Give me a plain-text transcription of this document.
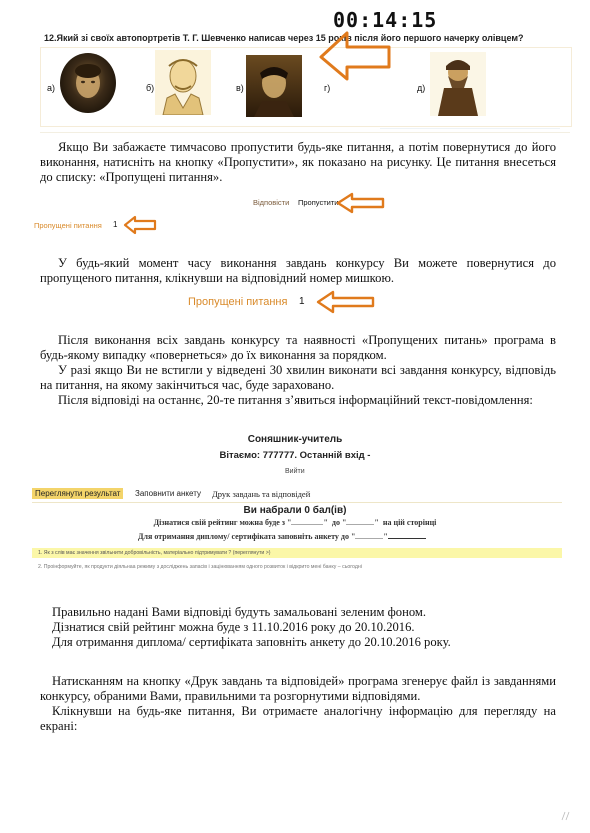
00:14:15
12.Який зі своїх автопортретів Т. Г. Шевченко написав через 15 років після його першого начерку олівцем?
а)	б)	в)	г)	д)
Якщо Ви забажаєте тимчасово пропустити будь-яке питання, а потім повернутися до його виконання, натисніть на кнопку «Пропустити», як показано на рисунку. Це питання внесеться до списку: «Пропущені питання».
Відповісти Пропустити
Пропущені питання 1
У будь-який момент часу виконання завдань конкурсу Ви можете повернутися до пропущеного питання, клікнувши на відповідний номер мишкою.
Пропущені питання 1
Після виконання всіх завдань конкурсу та наявності «Пропущених питань» програма в будь-якому випадку «повернеться» до їх виконання за порядком.
У разі якщо Ви не встигли у відведені 30 хвилин виконати всі завдання конкурсу, відповідь на питання, на якому закінчиться час, буде зараховано.
Після відповіді на останнє, 20-те питання з’явиться інформаційний текст-повідомлення:
Соняшник-учитель
Вітаємо: 777777. Останній вхід -
Вийти
Переглянути результат	Заповнити анкету Друк завдань та відповідей
Ви набрали 0 бал(ів)
Дізнатися свій рейтинг можна буде з "	" до "	" на цій сторінці
Для отримання диплому/ сертифіката заповніть анкету до "	"
1. Як з слів має значення звільнити добровільність, матеріально підтримувати ? (переглянути >)
2. Проінформуйте, як продукти діяльнаа режиму з досліджень запасів і зацінюванням одного розвиток і відкрито мені банку – сьогодні
Правильно надані Вами відповіді будуть замальовані зеленим фоном.
Дізнатися свій рейтинг можна буде з 11.10.2016 року до 20.10.2016.
Для отримання диплома/ сертифіката заповніть анкету до 20.10.2016 року.
Натисканням на кнопку «Друк завдань та відповідей» програма згенерує файл із завданнями конкурсу, обраними Вами, правильними та розгорнутими відповідями.
Клікнувши на будь-яке питання, Ви отримаєте аналогічну інформацію для перегляду на екрані:
